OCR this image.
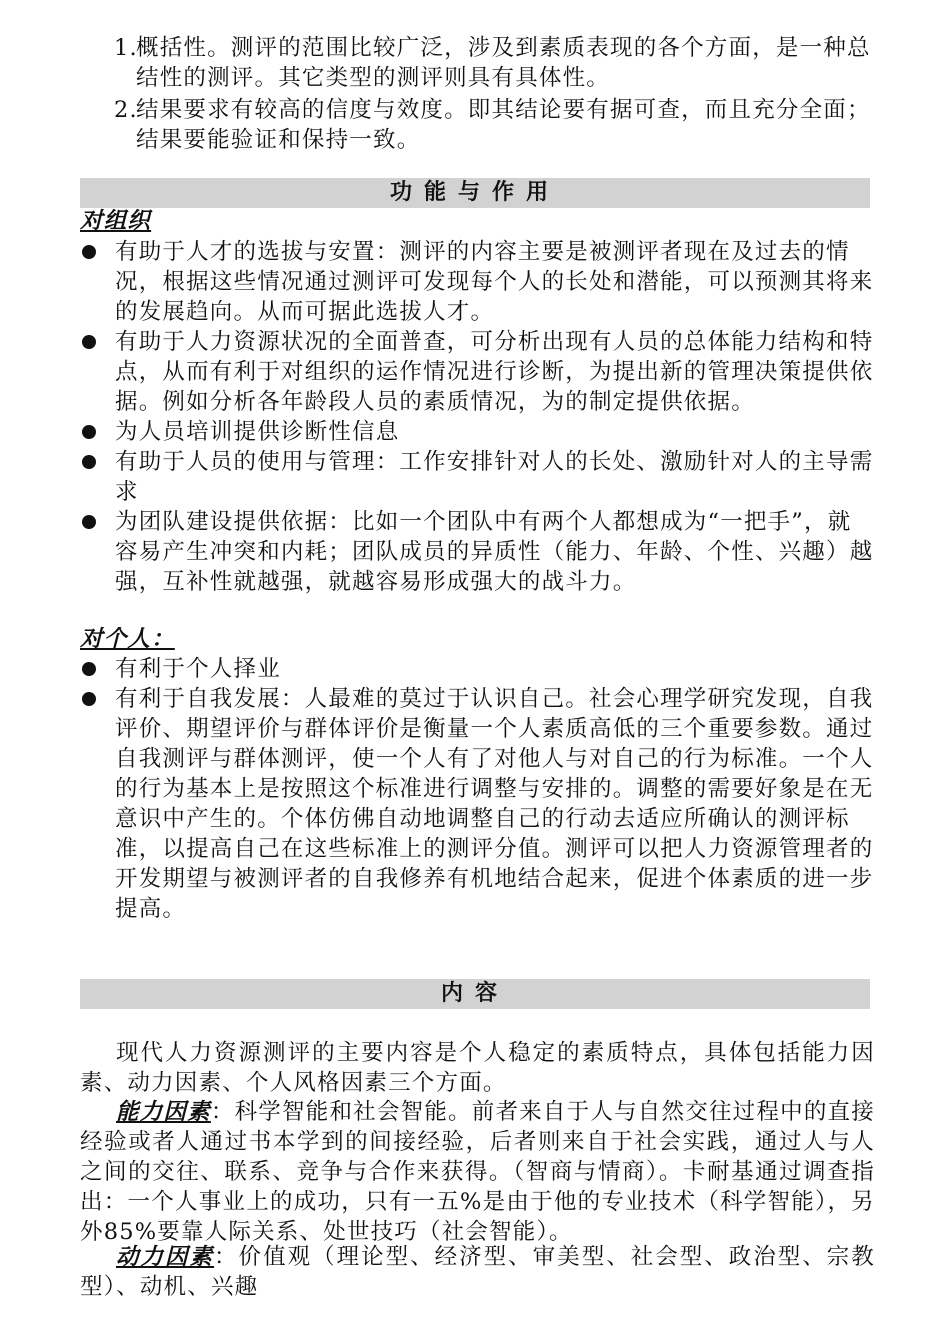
1.
概括性。测评的范围比较广泛，涉及到素质表现的各个方面，是一种总结性的测评。其它类型的测评则具有具体性。
2.
结果要求有较高的信度与效度。即其结论要有据可查，而且充分全面；结果要能验证和保持一致。
功能与作用
对组织
有助于人才的选拔与安置：测评的内容主要是被测评者现在及过去的情况，根据这些情况通过测评可发现每个人的长处和潜能，可以预测其将来的发展趋向。从而可据此选拔人才。
有助于人力资源状况的全面普查，可分析出现有人员的总体能力结构和特点，从而有利于对组织的运作情况进行诊断，为提出新的管理决策提供依据。例如分析各年龄段人员的素质情况，为的制定提供依据。
为人员培训提供诊断性信息
有助于人员的使用与管理：工作安排针对人的长处、激励针对人的主导需求
为团队建设提供依据：比如一个团队中有两个人都想成为“一把手”，就容易产生冲突和内耗；团队成员的异质性（能力、年龄、个性、兴趣）越强，互补性就越强，就越容易形成强大的战斗力。
对个人：
有利于个人择业
有利于自我发展：人最难的莫过于认识自己。社会心理学研究发现，自我评价、期望评价与群体评价是衡量一个人素质高低的三个重要参数。通过自我测评与群体测评，使一个人有了对他人与对自己的行为标准。一个人的行为基本上是按照这个标准进行调整与安排的。调整的需要好象是在无意识中产生的。个体仿佛自动地调整自己的行动去适应所确认的测评标准，以提高自己在这些标准上的测评分值。测评可以把人力资源管理者的开发期望与被测评者的自我修养有机地结合起来，促进个体素质的进一步提高。
内容
现代人力资源测评的主要内容是个人稳定的素质特点，具体包括能力因素、动力因素、个人风格因素三个方面。
能力因素：科学智能和社会智能。前者来自于人与自然交往过程中的直接经验或者人通过书本学到的间接经验，后者则来自于社会实践，通过人与人之间的交往、联系、竞争与合作来获得。（智商与情商）。卡耐基通过调查指出：一个人事业上的成功，只有一五%是由于他的专业技术（科学智能），另外85%要靠人际关系、处世技巧（社会智能）。
动力因素：价值观（理论型、经济型、审美型、社会型、政治型、宗教型）、动机、兴趣
